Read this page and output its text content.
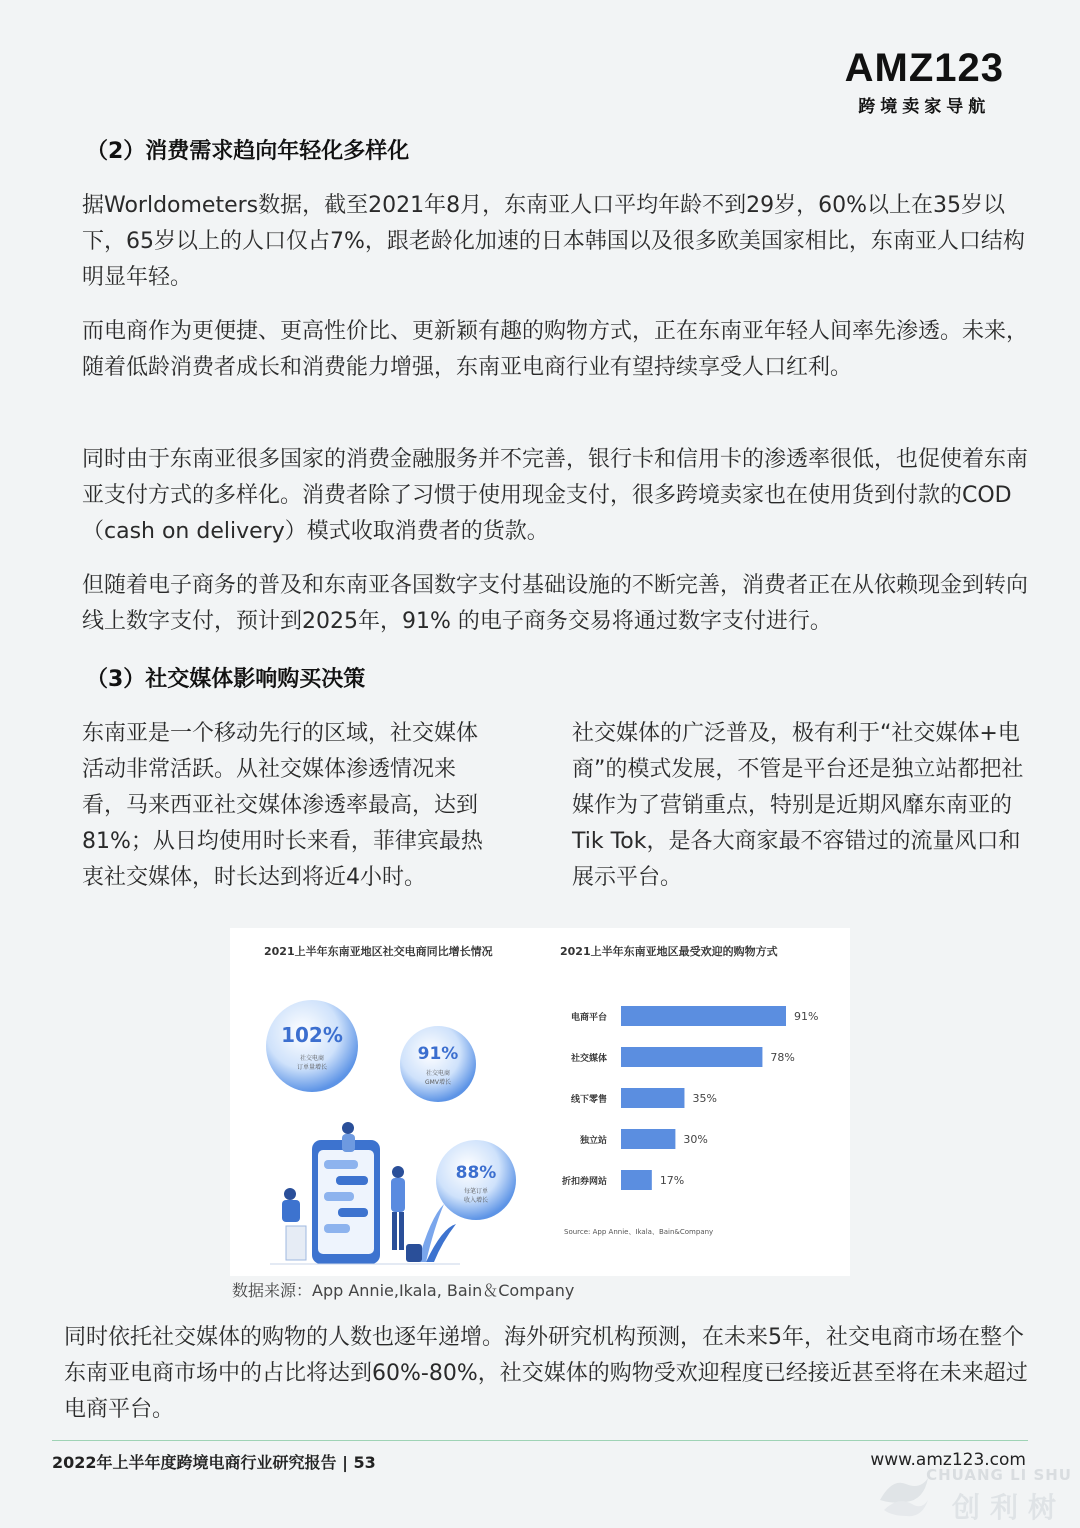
AMZ123
跨境卖家导航
（2）消费需求趋向年轻化多样化
据Worldometers数据，截至2021年8月，东南亚人口平均年龄不到29岁，60%以上在35岁以下，65岁以上的人口仅占7%，跟老龄化加速的日本韩国以及很多欧美国家相比，东南亚人口结构明显年轻。
而电商作为更便捷、更高性价比、更新颖有趣的购物方式，正在东南亚年轻人间率先渗透。未来，随着低龄消费者成长和消费能力增强，东南亚电商行业有望持续享受人口红利。
同时由于东南亚很多国家的消费金融服务并不完善，银行卡和信用卡的渗透率很低，也促使着东南亚支付方式的多样化。消费者除了习惯于使用现金支付，很多跨境卖家也在使用货到付款的COD（cash on delivery）模式收取消费者的货款。
但随着电子商务的普及和东南亚各国数字支付基础设施的不断完善，消费者正在从依赖现金到转向线上数字支付，预计到2025年，91% 的电子商务交易将通过数字支付进行。
（3）社交媒体影响购买决策
东南亚是一个移动先行的区域，社交媒体活动非常活跃。从社交媒体渗透情况来看，马来西亚社交媒体渗透率最高，达到81%；从日均使用时长来看，菲律宾最热衷社交媒体，时长达到将近4小时。
社交媒体的广泛普及，极有利于“社交媒体+电商”的模式发展，不管是平台还是独立站都把社媒作为了营销重点，特别是近期风靡东南亚的Tik Tok，是各大商家最不容错过的流量风口和展示平台。
2021上半年东南亚地区社交电商同比增长情况	2021上半年东南亚地区最受欢迎的购物方式
102%
社交电商
订单量增长
91%
社交电商
GMV增长
88%
每笔订单
收入增长
电商平台	91%
社交媒体	78%
线下零售	35%
独立站	30%
折扣券网站	17%
Source: App Annie、Ikala、Bain&Company
数据来源：App Annie,Ikala, Bain＆Company
同时依托社交媒体的购物的人数也逐年递增。海外研究机构预测，在未来5年，社交电商市场在整个东南亚电商市场中的占比将达到60%-80%，社交媒体的购物受欢迎程度已经接近甚至将在未来超过电商平台。
2022年上半年度跨境电商行业研究报告 | 53	www.amz123.com
CHUANG LI SHU
创利树
